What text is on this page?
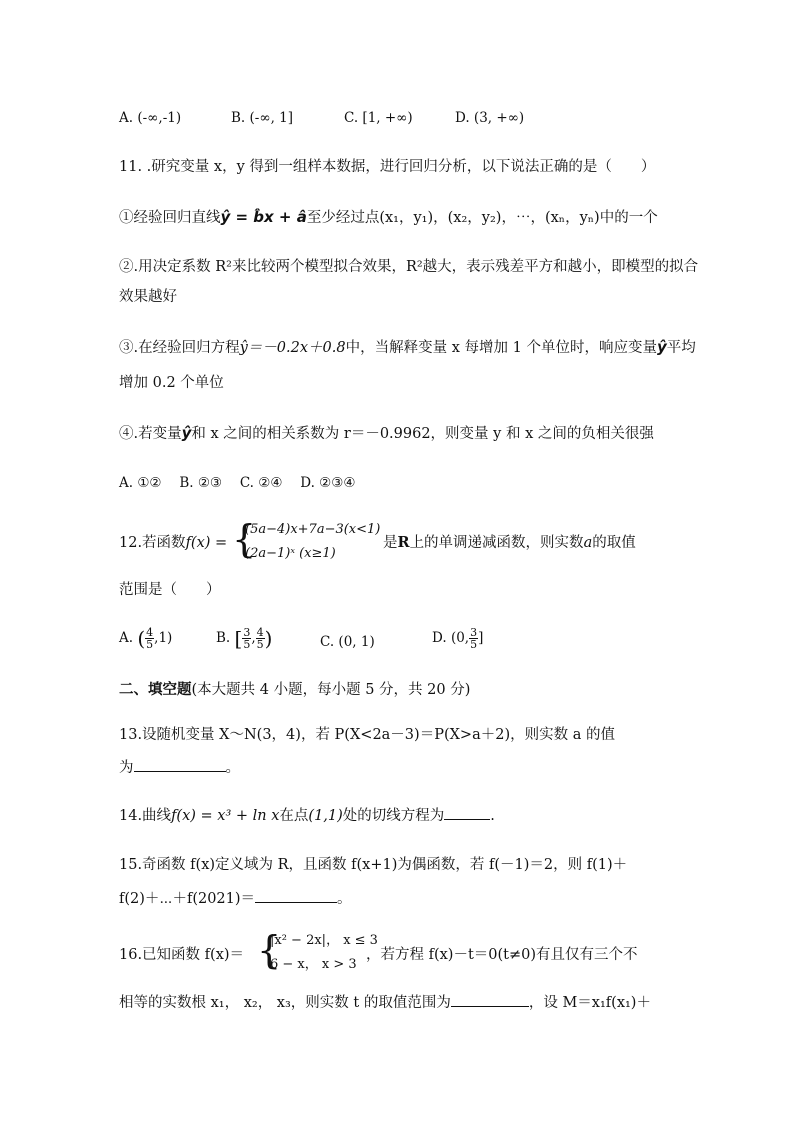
A. (-∞,-1)	B. (-∞, 1]	C. [1, +∞)	D. (3, +∞)
11. .研究变量 x，y 得到一组样本数据，进行回归分析，以下说法正确的是（　　）
①经验回归直线ŷ = b̂x + â至少经过点(x₁，y₁)，(x₂，y₂)，⋯，(xₙ，yₙ)中的一个
②.用决定系数 R²来比较两个模型拟合效果，R²越大，表示残差平方和越小，即模型的拟合
效果越好
③.在经验回归方程ŷ＝－0.2x＋0.8中，当解释变量 x 每增加 1 个单位时，响应变量ŷ平均
增加 0.2 个单位
④.若变量ŷ和 x 之间的相关系数为 r＝－0.9962，则变量 y 和 x 之间的负相关很强
A. ①②　 B. ②③　 C. ②④　 D. ②③④
12.若函数f(x) = {
(5a−4)x+7a−3(x<1)
(2a−1)ˣ (x≥1)
是R上的单调递减函数，则实数a的取值
范围是（　　）
A. ( $\frac{4}{5} ,1$)	B. [ $\frac{3}{5}$ , $\frac{4}{5}$ )	C. (0, 1)	D. (0, $\frac{3}{5}$ ]
二、填空题(本大题共 4 小题，每小题 5 分，共 20 分)
13.设随机变量 X～N(3，4)，若 P(X<2a－3)＝P(X>a＋2)，则实数 a 的值
为	。
14.曲线f(x) = x³ + ln x在点(1,1)处的切线方程为	.
15.奇函数 f(x)定义域为 R，且函数 f(x+1)为偶函数，若 f(－1)＝2，则 f(1)＋
f(2)＋⋯＋f(2021)＝	。
16.已知函数 f(x)＝ {
|x² − 2x|， x ≤ 3
6 − x， x > 3
，若方程 f(x)－t＝0(t≠0)有且仅有三个不
相等的实数根 x₁， x₂， x₃，则实数 t 的取值范围为	，设 M＝x₁f(x₁)＋
